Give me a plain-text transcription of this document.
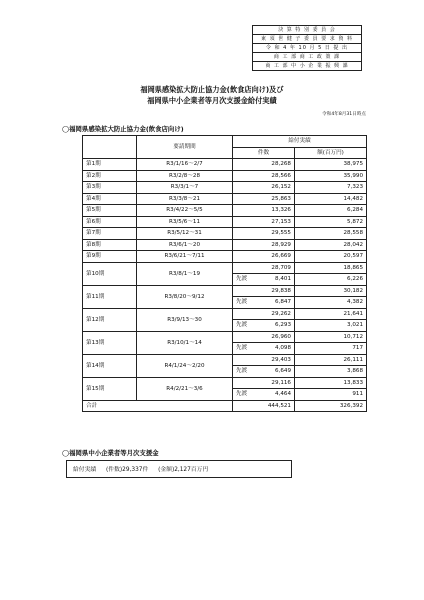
決 算 特 別 委 員 会
東 須 世 健 子 委 員 要 求 資 料
令 和 4 年 10 月 5 日 提 出
商 工 部 商 工 政 策 課
商 工 部 中 小 企 業 振 興 課
福岡県感染拡大防止協力金(飲食店向け)及び
福岡県中小企業者等月次支援金給付実績
令和4年8月31日時点
◯福岡県感染拡大防止協力金(飲食店向け)
	要請期間	給付実績	
		件数	額(百万円)
第1期	R3/1/16～2/7	28,268	38,975
第2期	R3/2/8～28	28,566	35,990
第3期	R3/3/1～7	26,152	7,323
第4期	R3/3/8～21	25,863	14,482
第5期	R3/4/22～5/5	13,326	6,284
第6期	R3/5/6～11	27,153	5,872
第7期	R3/5/12～31	29,555	28,558
第8期	R3/6/1～20	28,929	28,042
第9期	R3/6/21～7/11	26,669	20,597
第10期	R3/8/1～19	28,709	18,865

		先渡 8,401	6,226
第11期	R3/8/20～9/12	29,838	30,182

		先渡 6,847	4,382
第12期	R3/9/13～30	29,262	21,641

		先渡 6,293	3,021
第13期	R3/10/1～14	26,960	10,712

		先渡 4,098	717
第14期	R4/1/24～2/20	29,403	26,111

		先渡 6,649	3,868
第15期	R4/2/21～3/6	29,116	13,833

		先渡 4,464	911
合計		444,521	326,392
◯福岡県中小企業者等月次支援金
給付実績 (件数)29,337件 (金額)2,127百万円
